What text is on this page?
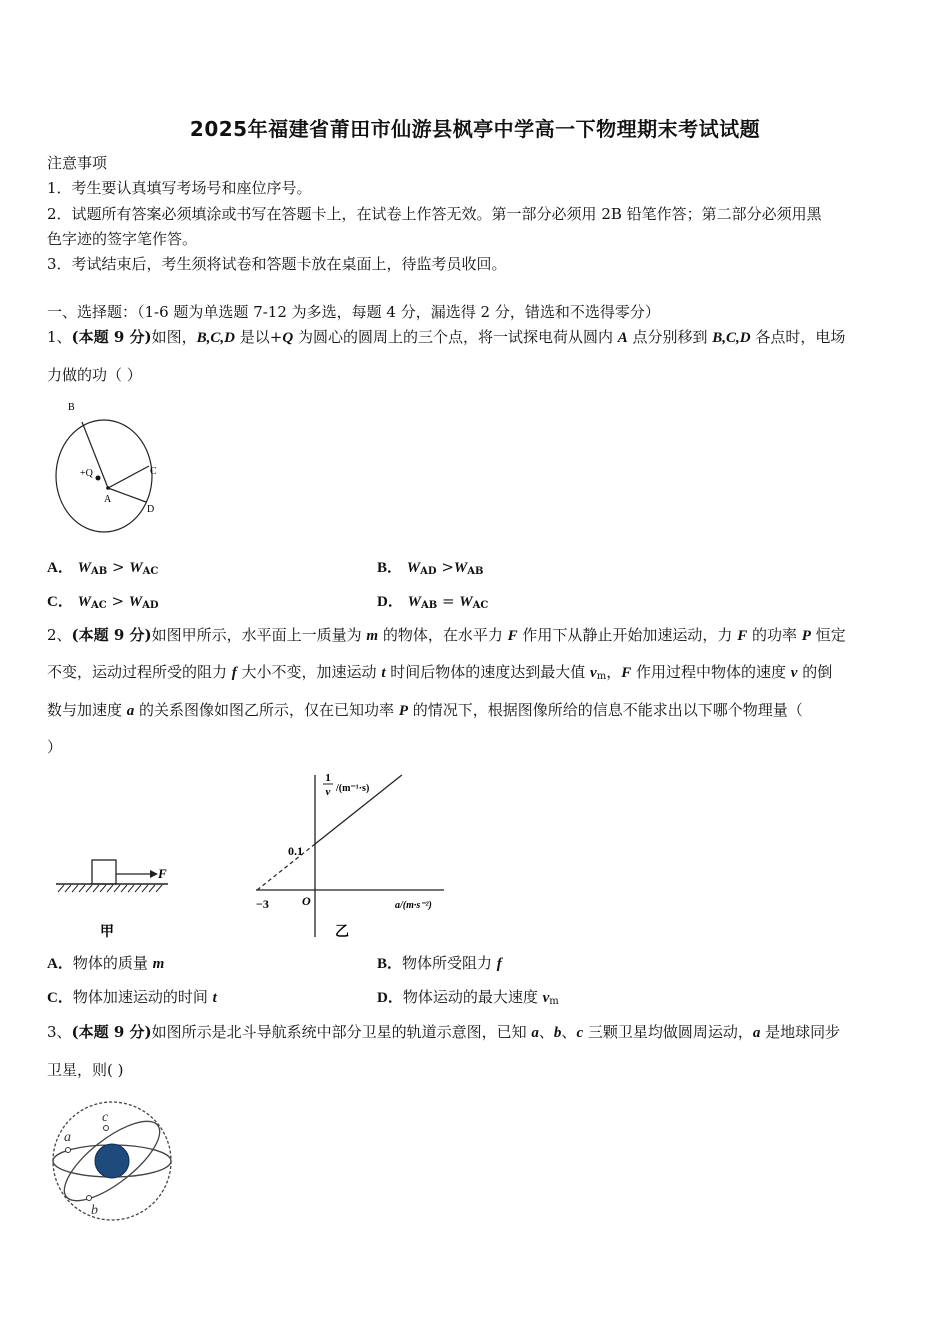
2025年福建省莆田市仙游县枫亭中学高一下物理期末考试试题
注意事项
1．考生要认真填写考场号和座位序号。
2．试题所有答案必须填涂或书写在答题卡上，在试卷上作答无效。第一部分必须用 2B 铅笔作答；第二部分必须用黑
色字迹的签字笔作答。
3．考试结束后，考生须将试卷和答题卡放在桌面上，待监考员收回。
一、选择题：（1-6 题为单选题 7-12 为多选，每题 4 分，漏选得 2 分，错选和不选得零分）
1、(本题 9 分)如图，B,C,D 是以+Q 为圆心的圆周上的三个点，将一试探电荷从圆内 A 点分别移到 B,C,D 各点时，电场
力做的功（ ）
B
C
D
+Q
A
A． $W_{AB} > W_{AC}$	B． $W_{AD} >W_{AB}$
C． $W_{AC} > W_{AD}$	D． $W_{AB} = W_{AC}$
2、(本题 9 分)如图甲所示，水平面上一质量为 m 的物体，在水平力 F 作用下从静止开始加速运动，力 F 的功率 P 恒定
不变，运动过程所受的阻力 f 大小不变，加速运动 t 时间后物体的速度达到最大值 $v_m$，F 作用过程中物体的速度 v 的倒
数与加速度 a 的关系图像如图乙所示，仅在已知功率 P 的情况下，根据图像所给的信息不能求出以下哪个物理量（
）
F
甲
1
v /(m⁻¹·s)
0.1
−3	O	a/(m·s⁻²)
乙
A．物体的质量 m	B．物体所受阻力 f
C．物体加速运动的时间 t	D．物体运动的最大速度 $v_m$
3、(本题 9 分)如图所示是北斗导航系统中部分卫星的轨道示意图，已知 a、b、c 三颗卫星均做圆周运动，a 是地球同步
卫星，则( )
a
c
b
